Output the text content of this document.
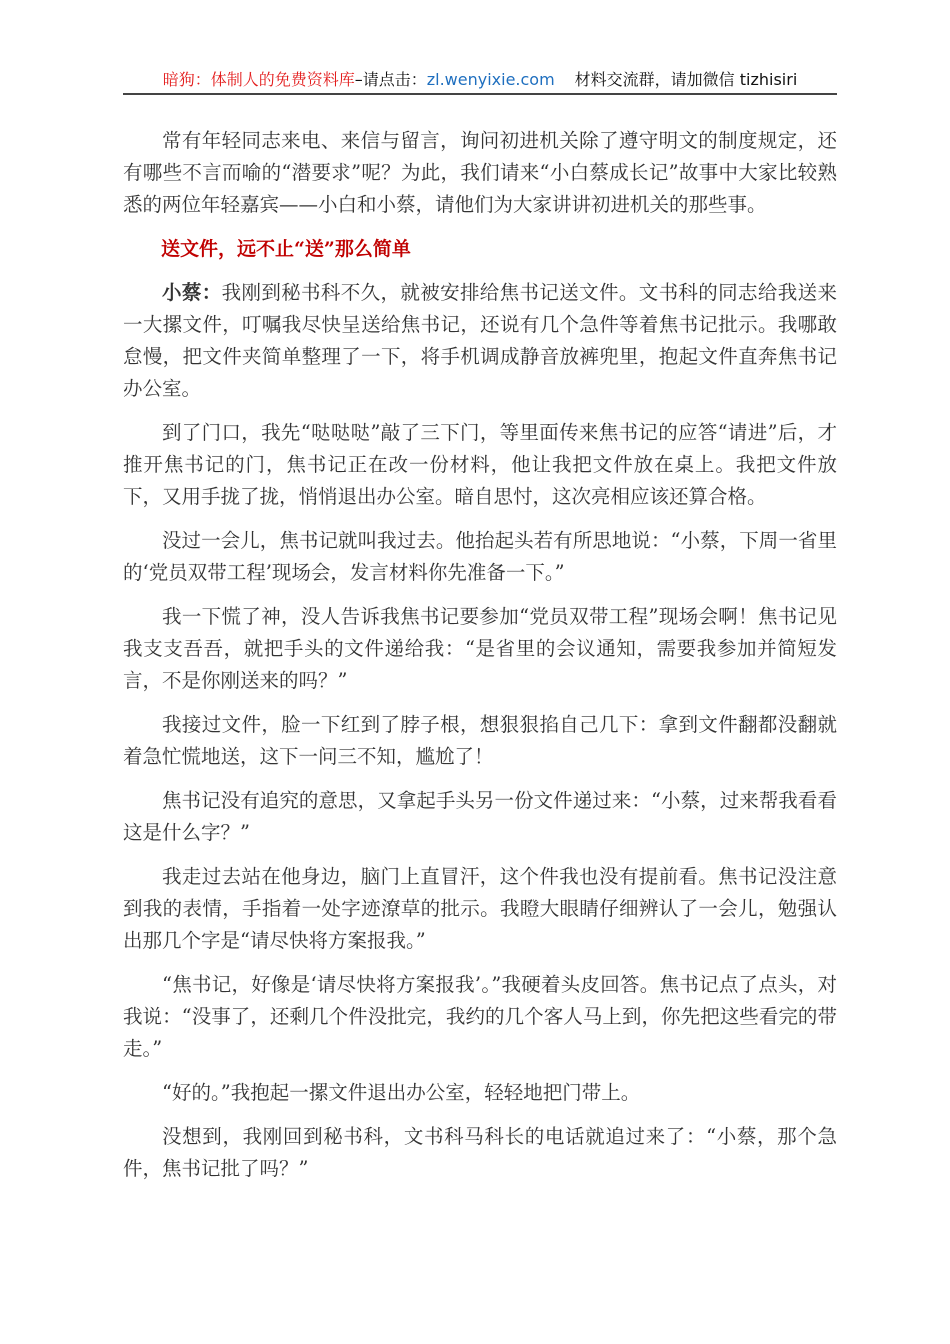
暗狗：体制人的免费资料库–请点击：zl.wenyixie.com 材料交流群，请加微信 tizhisiri

常有年轻同志来电、来信与留言，询问初进机关除了遵守明文的制度规定，还有哪些不言而喻的“潜要求”呢？为此，我们请来“小白蔡成长记”故事中大家比较熟悉的两位年轻嘉宾——小白和小蔡，请他们为大家讲讲初进机关的那些事。

送文件，远不止“送”那么简单

小蔡：我刚到秘书科不久，就被安排给焦书记送文件。文书科的同志给我送来一大摞文件，叮嘱我尽快呈送给焦书记，还说有几个急件等着焦书记批示。我哪敢怠慢，把文件夹简单整理了一下，将手机调成静音放裤兜里，抱起文件直奔焦书记办公室。

到了门口，我先“哒哒哒”敲了三下门，等里面传来焦书记的应答“请进”后，才推开焦书记的门，焦书记正在改一份材料，他让我把文件放在桌上。我把文件放下，又用手拢了拢，悄悄退出办公室。暗自思忖，这次亮相应该还算合格。

没过一会儿，焦书记就叫我过去。他抬起头若有所思地说：“小蔡，下周一省里的‘党员双带工程’现场会，发言材料你先准备一下。”

我一下慌了神，没人告诉我焦书记要参加“党员双带工程”现场会啊！焦书记见我支支吾吾，就把手头的文件递给我：“是省里的会议通知，需要我参加并简短发言，不是你刚送来的吗？”

我接过文件，脸一下红到了脖子根，想狠狠掐自己几下：拿到文件翻都没翻就着急忙慌地送，这下一问三不知，尴尬了！

焦书记没有追究的意思，又拿起手头另一份文件递过来：“小蔡，过来帮我看看这是什么字？”

我走过去站在他身边，脑门上直冒汗，这个件我也没有提前看。焦书记没注意到我的表情，手指着一处字迹潦草的批示。我瞪大眼睛仔细辨认了一会儿，勉强认出那几个字是“请尽快将方案报我。”

“焦书记，好像是‘请尽快将方案报我’。”我硬着头皮回答。焦书记点了点头，对我说：“没事了，还剩几个件没批完，我约的几个客人马上到，你先把这些看完的带走。”

“好的。”我抱起一摞文件退出办公室，轻轻地把门带上。

没想到，我刚回到秘书科，文书科马科长的电话就追过来了：“小蔡，那个急件，焦书记批了吗？”
